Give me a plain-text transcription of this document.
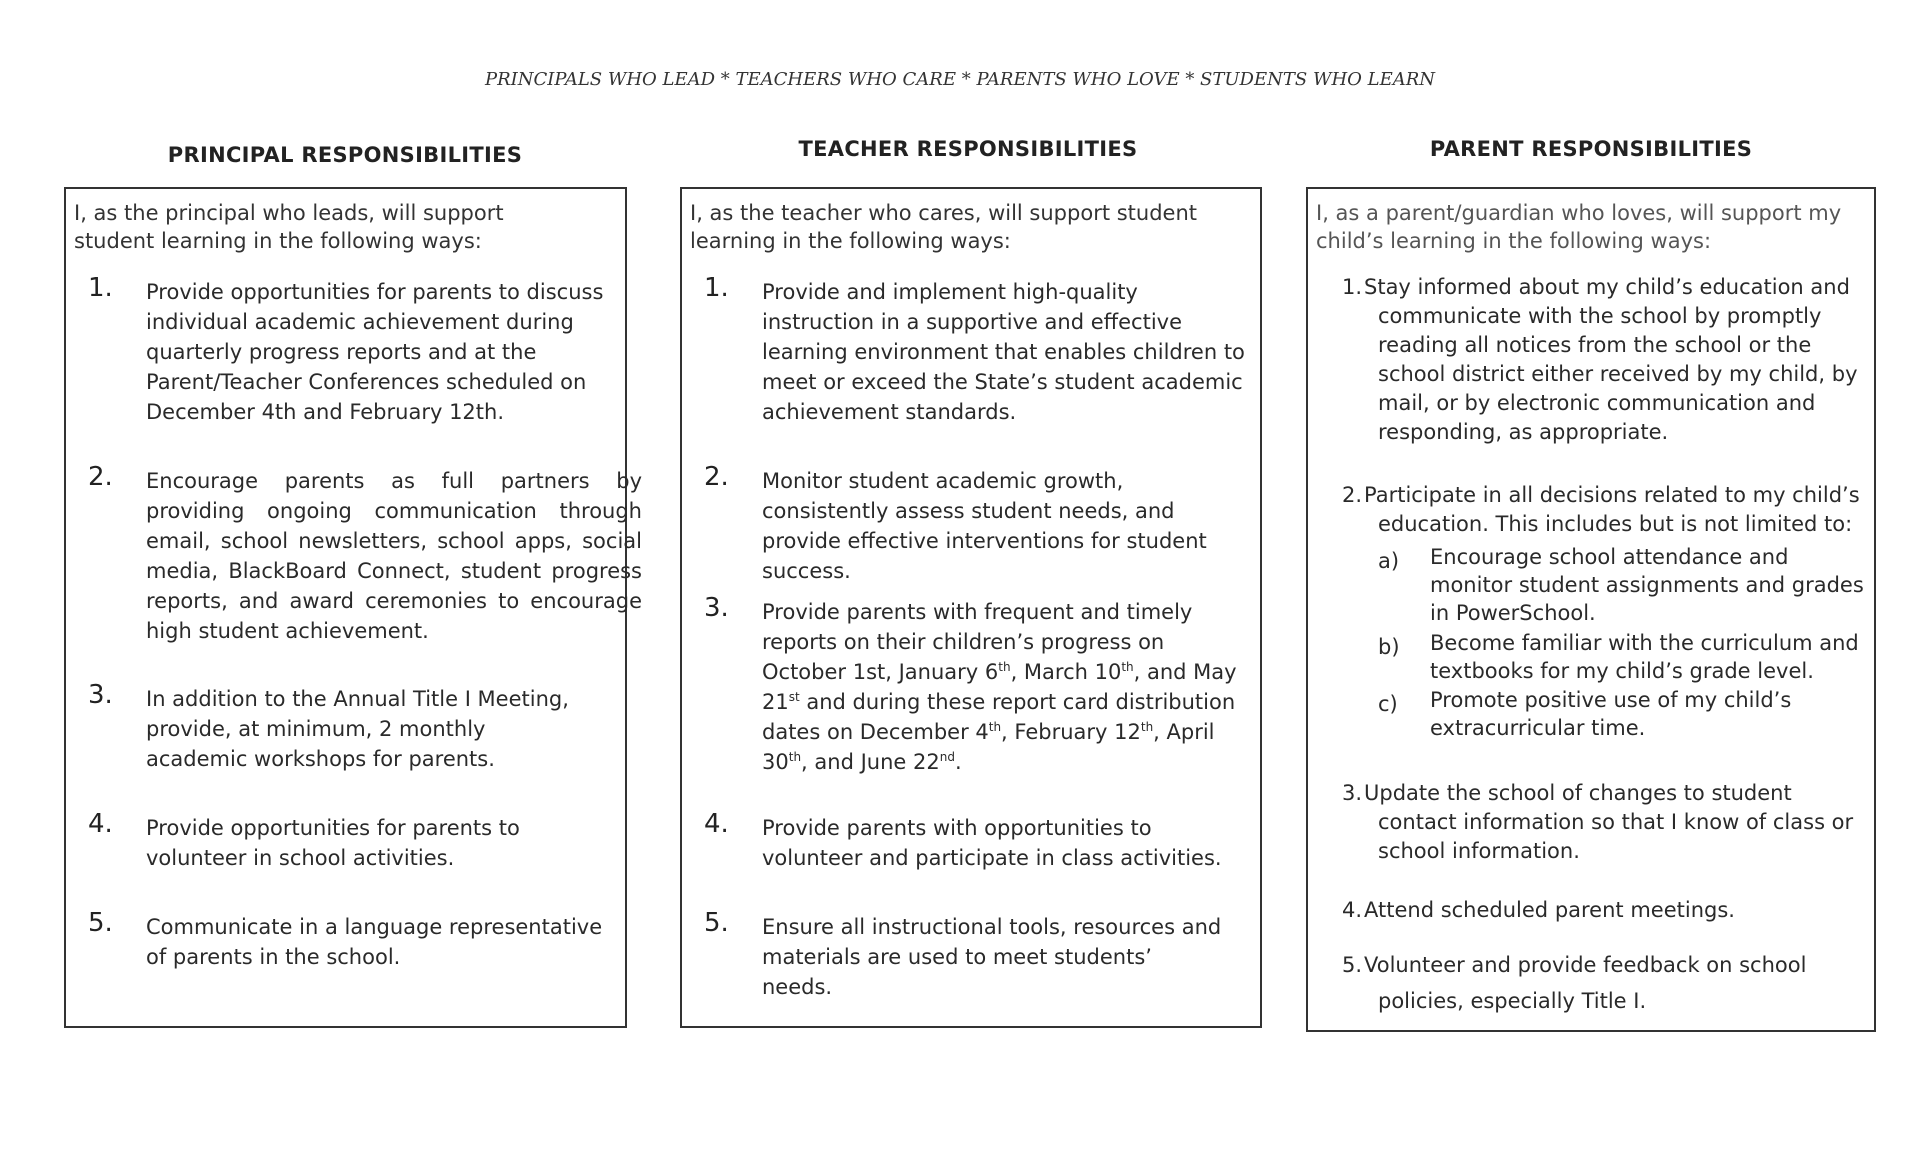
PRINCIPALS WHO LEAD * TEACHERS WHO CARE * PARENTS WHO LOVE * STUDENTS WHO LEARN
PRINCIPAL RESPONSIBILITIES	TEACHER RESPONSIBILITIES	PARENT RESPONSIBILITIES
I, as the principal who leads, will support student learning in the following ways:
1. Provide opportunities for parents to discuss individual academic achievement during quarterly progress reports and at the Parent/Teacher Conferences scheduled on December 4th and February 12th.
2. Encourage parents as full partners by providing ongoing communication through email, school newsletters, school apps, social media, BlackBoard Connect, student progress reports, and award ceremonies to encourage high student achievement.
3. In addition to the Annual Title I Meeting, provide, at minimum, 2 monthly academic workshops for parents.
4. Provide opportunities for parents to volunteer in school activities.
5. Communicate in a language representative of parents in the school.
I, as the teacher who cares, will support student learning in the following ways:
1. Provide and implement high-quality instruction in a supportive and effective learning environment that enables children to meet or exceed the State’s student academic achievement standards.
2. Monitor student academic growth, consistently assess student needs, and provide effective interventions for student success.
3. Provide parents with frequent and timely reports on their children’s progress on October 1st, January 6th, March 10th, and May 21st and during these report card distribution dates on December 4th, February 12th, April 30th, and June 22nd.
4. Provide parents with opportunities to volunteer and participate in class activities.
5. Ensure all instructional tools, resources and materials are used to meet students’ needs.
I, as a parent/guardian who loves, will support my child’s learning in the following ways:
1. Stay informed about my child’s education and communicate with the school by promptly reading all notices from the school or the school district either received by my child, by mail, or by electronic communication and responding, as appropriate.
2. Participate in all decisions related to my child’s education. This includes but is not limited to:
a) Encourage school attendance and monitor student assignments and grades in PowerSchool.
b) Become familiar with the curriculum and textbooks for my child’s grade level.
c) Promote positive use of my child’s extracurricular time.
3. Update the school of changes to student contact information so that I know of class or school information.
4. Attend scheduled parent meetings.
5. Volunteer and provide feedback on school policies, especially Title I.
